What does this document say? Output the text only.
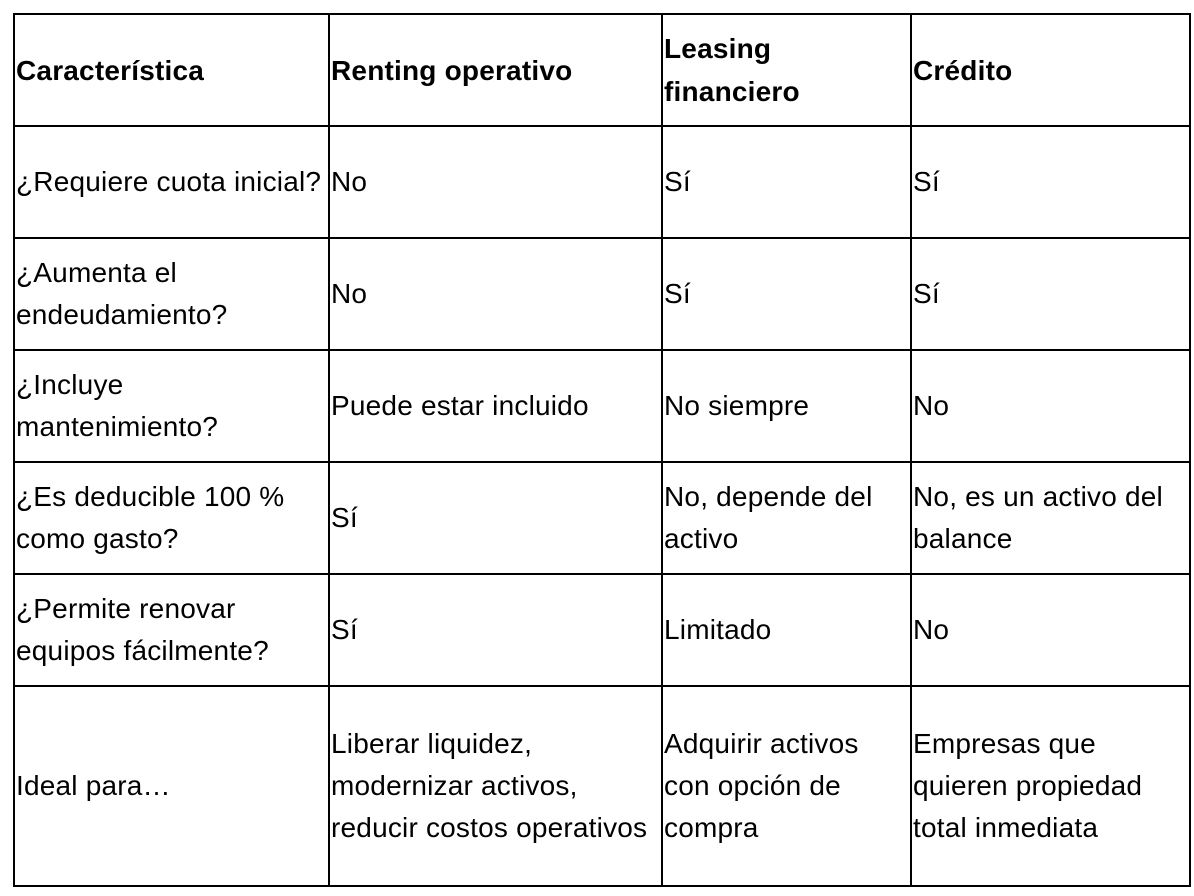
Característica	Renting operativo	Leasing financiero	Crédito
¿Requiere cuota inicial?	No	Sí	Sí
¿Aumenta el endeudamiento?	No	Sí	Sí
¿Incluye mantenimiento?	Puede estar incluido	No siempre	No
¿Es deducible 100 % como gasto?	Sí	No, depende del activo	No, es un activo del balance
¿Permite renovar equipos fácilmente?	Sí	Limitado	No
Ideal para…	Liberar liquidez, modernizar activos, reducir costos operativos	Adquirir activos con opción de compra	Empresas que quieren propiedad total inmediata
